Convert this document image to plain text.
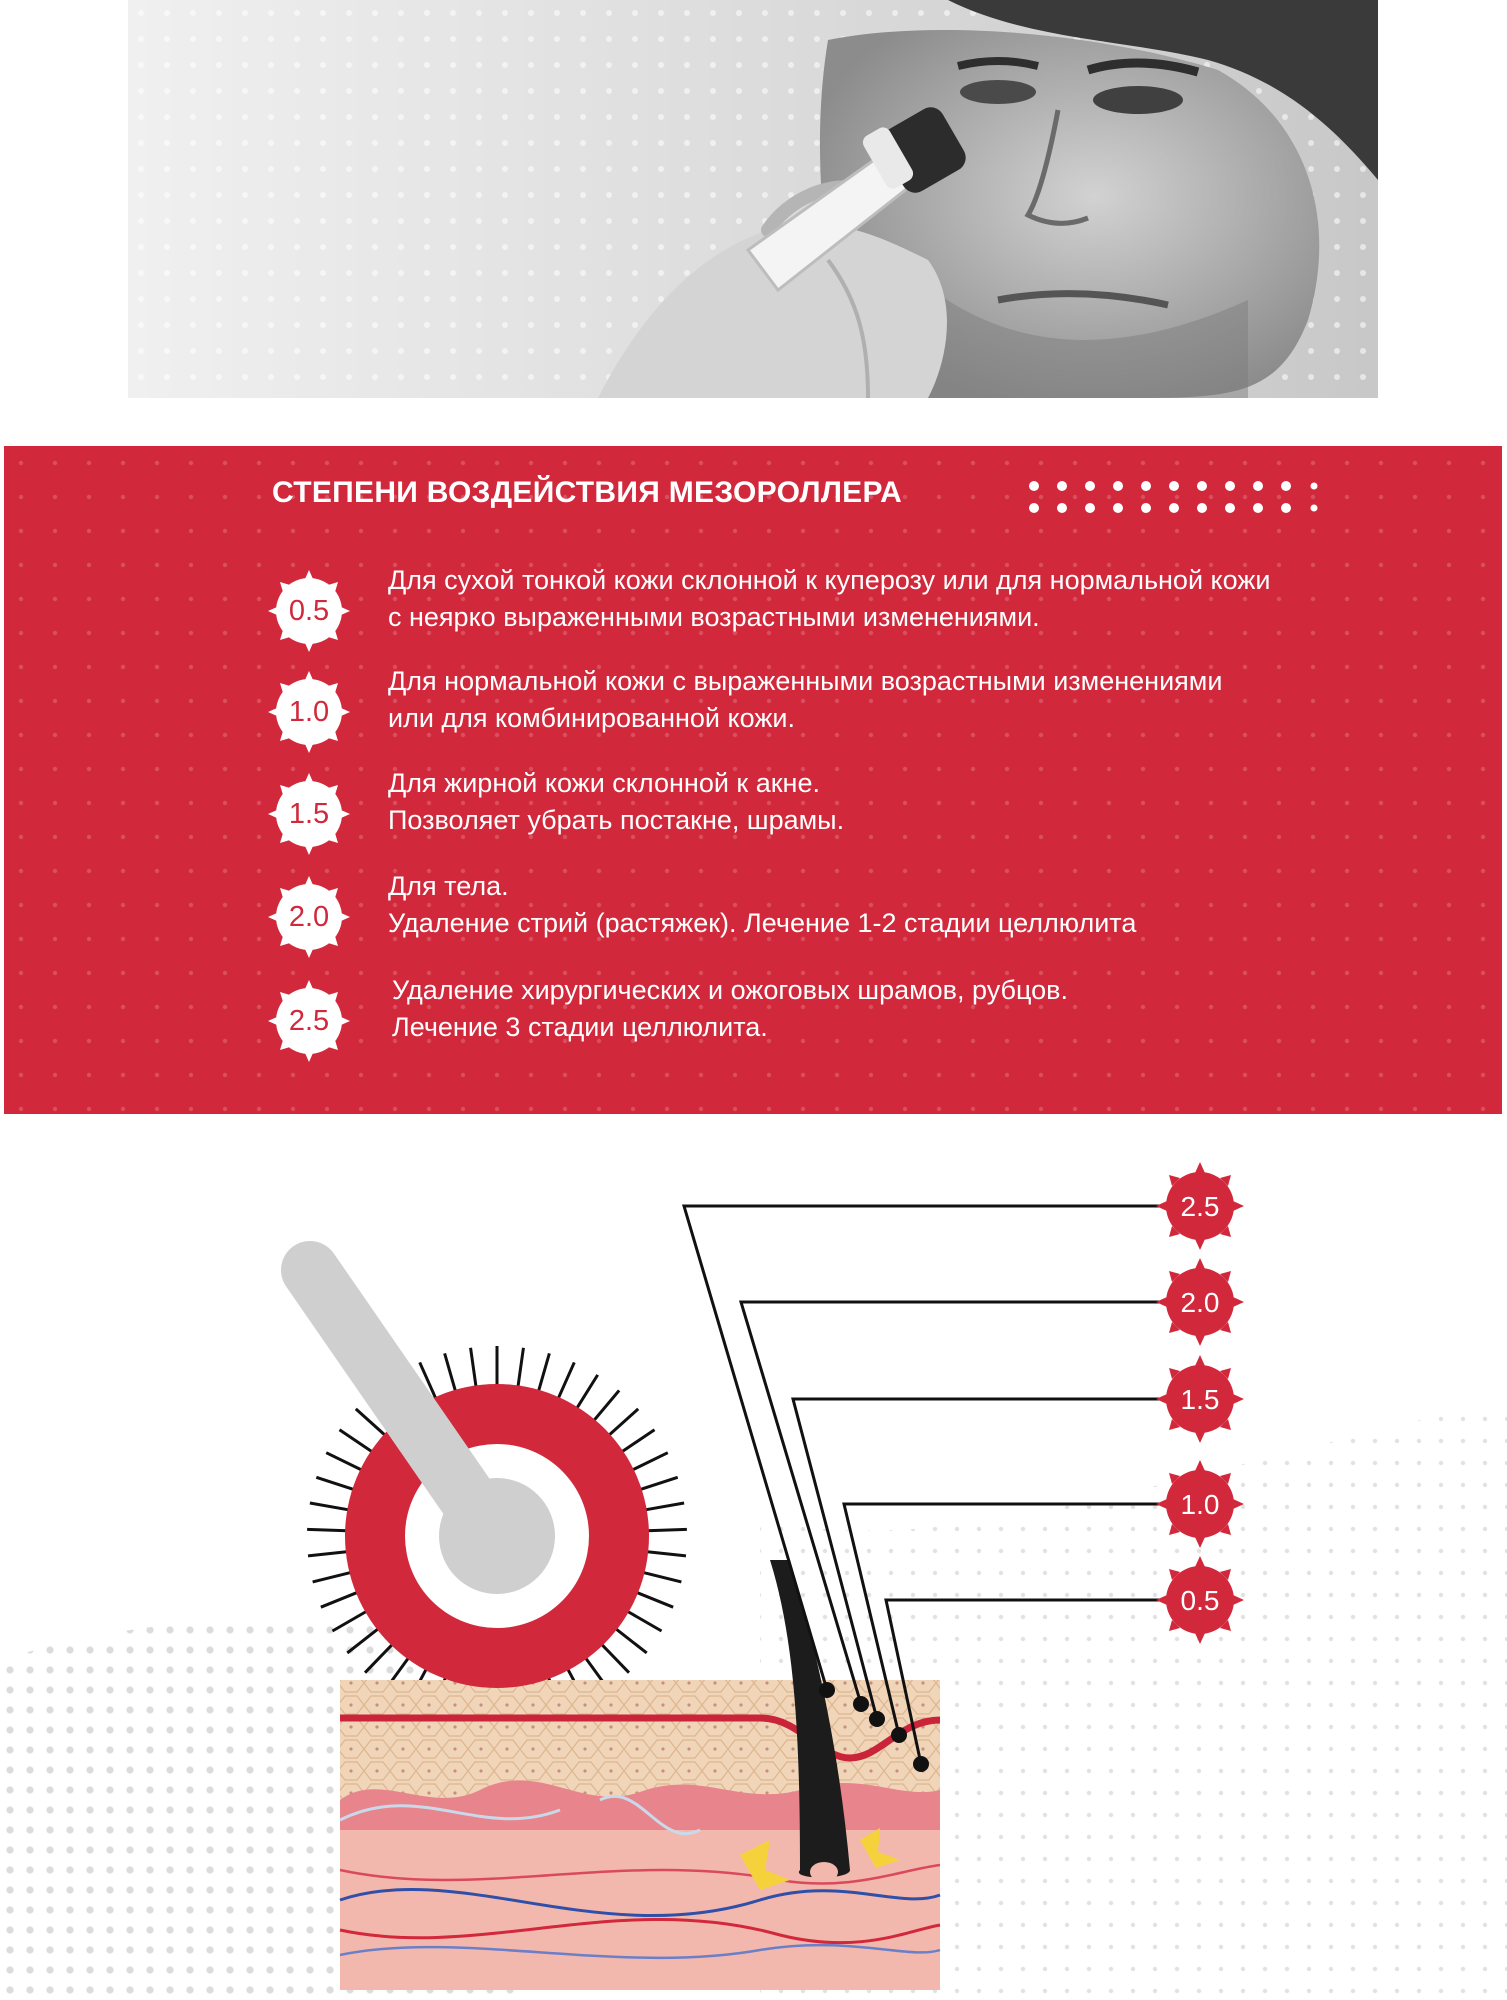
СТЕПЕНИ ВОЗДЕЙСТВИЯ МЕЗОРОЛЛЕРА
0.5
Для сухой тонкой кожи склонной к куперозу или для нормальной кожи
с неярко выраженными возрастными изменениями.
1.0
Для нормальной кожи с выраженными возрастными изменениями
или для комбинированной кожи.
1.5
Для жирной кожи склонной к акне.
Позволяет убрать постакне, шрамы.
2.0
Для тела.
Удаление стрий (растяжек). Лечение 1-2 стадии целлюлита
2.5
Удаление хирургических и ожоговых шрамов, рубцов.
Лечение 3 стадии целлюлита.
2.5
2.0
1.5
1.0
0.5
